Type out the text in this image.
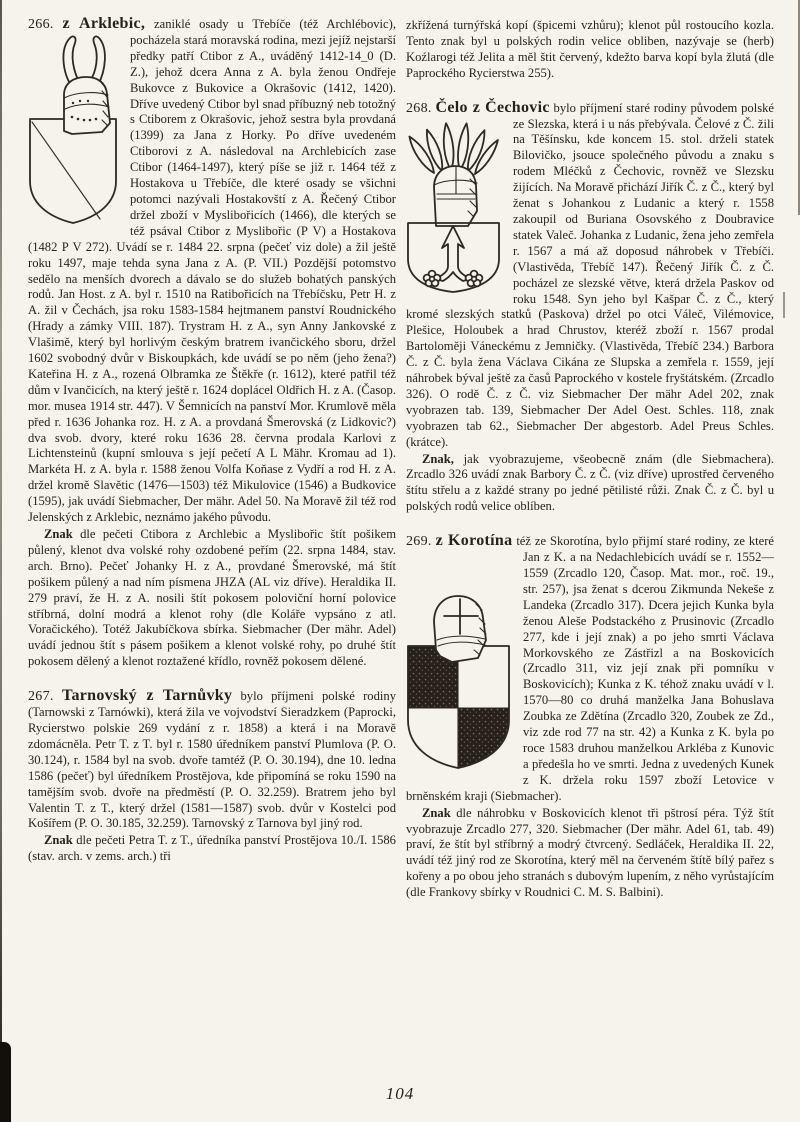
266. z Arklebic, zaniklé osady u Třebíče (též Archlébovic),
pocházela stará moravská rodina, mezi jejíž nejstarší předky patří Ctibor z A., uváděný 1412-14_0 (D. Z.), jehož dcera Anna z A. byla ženou Ondřeje Bukovce z Bukovice a Okrašovic (1412, 1420). Dříve uvedený Ctibor byl snad příbuzný neb totožný s Ctiborem z Okrašovic, jehož sestra byla provdaná (1399) za Jana z Horky. Po dříve uvedeném Ctiborovi z A. následoval na Archlebicích zase Ctibor (1464-1497), který píše se již r. 1464 též z Hostakova u Třebíče, dle které osady se všichni potomci nazývali Hostakovští z A. Řečený Ctibor držel zboží v Myslibořicích (1466), dle kterých se též psával Ctibor z Myslibořic (P V) a Hostakova (1482 P V 272). Uvádí se r. 1484 22. srpna (pečeť viz dole) a žil ještě roku 1497, maje tehda syna Jana z A. (P. VII.) Pozdější potomstvo sedělo na menších dvorech a dávalo se do služeb bohatých panských rodů. Jan Host. z A. byl r. 1510 na Ratibořicích na Třebíčsku, Petr H. z A. žil v Čechách, jsa roku 1583-1584 hejtmanem panství Roudnického (Hrady a zámky VIII. 187). Trystram H. z A., syn Anny Jankovské z Vlašimě, který byl horlivým českým bratrem ivančického sboru, držel 1602 svobodný dvůr v Biskoupkách, kde uvádí se po něm (jeho žena?) Kateřina H. z A., rozená Olbramka ze Štěkře (r. 1612), které patřil též dům v Ivančicích, na který ještě r. 1624 doplácel Oldřich H. z A. (Časop. mor. musea 1914 str. 447). V Šemnicích na panství Mor. Krumlově měla před r. 1636 Johanka roz. H. z A. a provdaná Šmerovská (z Lidkovic?) dva svob. dvory, které roku 1636 28. června prodala Karlovi z Lichtensteinů (kupní smlouva s její pečetí A L Mähr. Kromau ad 1). Markéta H. z A. byla r. 1588 ženou Volfa Koňase z Vydří a rod H. z A. držel kromě Slavětic (1476—1503) též Mikulovice (1546) a Budkovice (1595), jak uvádí Siebmacher, Der mähr. Adel 50. Na Moravě žil též rod Jelenských z Arklebic, neznámo jakého původu.

Znak dle pečeti Ctibora z Archlebic a Myslibořic štít pošikem půlený, klenot dva volské rohy ozdobené peřím (22. srpna 1484, stav. arch. Brno). Pečeť Johanky H. z A., provdané Šmerovské, má štít pošikem půlený a nad ním písmena JHZA (AL viz dříve). Heraldika II. 279 praví, že H. z A. nosili štít pokosem poloviční horní polovice stříbrná, dolní modrá a klenot rohy (dle Koláře vypsáno z atl. Voračického). Totéž Jakubíčkova sbírka. Siebmacher (Der mähr. Adel) uvádí jednou štít s pásem pošikem a klenot volské rohy, po druhé štít pokosem dělený a klenot roztažené křídlo, rovněž pokosem dělené.

267. Tarnovský z Tarnůvky bylo příjmeni polské rodiny (Tarnowski z Tarnówki), která žila ve vojvodství Sieradzkem (Paprocki, Rycierstwo polskie 269 vydání z r. 1858) a která i na Moravě zdomácněla. Petr T. z T. byl r. 1580 úředníkem panství Plumlova (P. O. 30.124), r. 1584 byl na svob. dvoře tamtéž (P. O. 30.194), dne 10. ledna 1586 (pečeť) byl úředníkem Prostějova, kde připomíná se roku 1590 na tamějším svob. dvoře na předměstí (P. O. 32.259). Bratrem jeho byl Valentin T. z T., který držel (1581—1587) svob. dvůr v Kostelci pod Košířem (P. O. 30.185, 32.259). Tarnovský z Tarnova byl jiný rod.

Znak dle pečeti Petra T. z T., úředníka panství Prostějova 10./I. 1586 (stav. arch. v zems. arch.) tři

zkřížená turnýřská kopí (špicemi vzhůru); klenot půl rostoucího kozla. Tento znak byl u polských rodin velice obliben, nazývaje se (herb) Koźlarogi též Jelita a měl štit červený, kdežto barva kopí byla žlutá (dle Paprockého Rycierstwa 255).

268. Čelo z Čechovic bylo příjmení staré rodiny původem polské ze Slezska, která i u nás přebývala. Čelové z Č. žili na Těšínsku, kde koncem 15. stol. drželi statek Bilovičko, jsouce společného původu a znaku s rodem Mléčků z Čechovic, rovněž ve Slezsku žijících. Na Moravě přichází Jiřík Č. z Č., který byl ženat s Johankou z Ludanic a který r. 1558 zakoupil od Buriana Osovského z Doubravice statek Valeč. Johanka z Ludanic, žena jeho zemřela r. 1567 a má až doposud náhrobek v Třebíči. (Vlastivěda, Třebíč 147). Řečený Jiřík Č. z Č. pocházel ze slezské větve, která držela Paskov od roku 1548. Syn jeho byl Kašpar Č. z Č., který kromé slezských statků (Paskova) držel po otci Váleč, Vilémovice, Plešice, Holoubek a hrad Chrustov, kteréž zboží r. 1567 prodal Bartoloměji Váneckému z Jemničky. (Vlastivěda, Třebíč 234.) Barbora Č. z Č. byla žena Václava Cikána ze Slupska a zemřela r. 1559, její náhrobek býval ještě za časů Paprockého v kostele fryštátském. (Zrcadlo 326). O rodě Č. z Č. viz Siebmacher Der mähr Adel 202, znak vyobrazen tab. 139, Siebmacher Der Adel Oest. Schles. 118, znak vyobrazen tab 62., Siebmacher Der abgestorb. Adel Preus Schles. (krátce).

Znak, jak vyobrazujeme, všeobecně znám (dle Siebmachera). Zrcadlo 326 uvádí znak Barbory Č. z Č. (viz dříve) uprostřed červeného štítu střelu a z každé strany po jedné pětilisté růži. Znak Č. z Č. byl u polských rodů velice oblíben.

269. z Korotína též ze Skorotína, bylo přijmí staré rodiny, ze které Jan z K. a na Nedachlebicích uvádí se r. 1552—1559 (Zrcadlo 120, Časop. Mat. mor., roč. 19., str. 257), jsa ženat s dcerou Zikmunda Nekeše z Landeka (Zrcadlo 317). Dcera jejich Kunka byla ženou Aleše Podstackého z Prusinovic (Zrcadlo 277, kde i její znak) a po jeho smrti Václava Morkovského ze Zástřizl a na Boskovicích (Zrcadlo 311, viz její znak při pomníku v Boskovicích); Kunka z K. téhož znaku uvádí v l. 1570—80 co druhá manželka Jana Bohuslava Zoubka ze Zdětína (Zrcadlo 320, Zoubek ze Zd., viz zde rod 77 na str. 42) a Kunka z K. byla po roce 1583 druhou manželkou Arkléba z Kunovic a předešla ho ve smrti. Jedna z uvedených Kunek z K. držela roku 1597 zboží Letovice v brněnském kraji (Siebmacher).

Znak dle náhrobku v Boskovicích klenot tři pštrosí péra. Týž štít vyobrazuje Zrcadlo 277, 320. Siebmacher (Der mähr. Adel 61, tab. 49) praví, že štít byl stříbrný a modrý čtvrcený. Sedláček, Heraldika II. 22, uvádí též jiný rod ze Skorotína, který měl na červeném štítě bílý pařez s kořeny a po obou jeho stranách s dubovým lupením, z něho vyrůstajícím (dle Frankovy sbírky v Roudnici C. M. S. Balbini).

104
